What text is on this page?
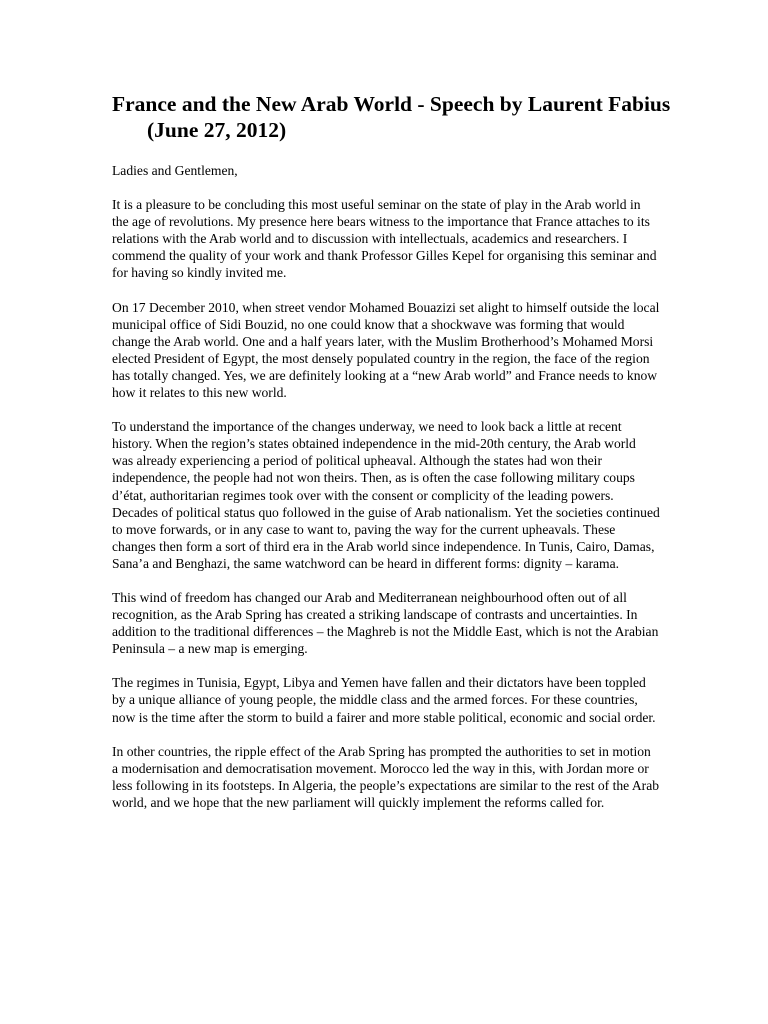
France and the New Arab World - Speech by Laurent Fabius (June 27, 2012)

Ladies and Gentlemen,

It is a pleasure to be concluding this most useful seminar on the state of play in the Arab world in the age of revolutions. My presence here bears witness to the importance that France attaches to its relations with the Arab world and to discussion with intellectuals, academics and researchers. I commend the quality of your work and thank Professor Gilles Kepel for organising this seminar and for having so kindly invited me.

On 17 December 2010, when street vendor Mohamed Bouazizi set alight to himself outside the local municipal office of Sidi Bouzid, no one could know that a shockwave was forming that would change the Arab world. One and a half years later, with the Muslim Brotherhood’s Mohamed Morsi elected President of Egypt, the most densely populated country in the region, the face of the region has totally changed. Yes, we are definitely looking at a “new Arab world” and France needs to know how it relates to this new world.

To understand the importance of the changes underway, we need to look back a little at recent history. When the region’s states obtained independence in the mid-20th century, the Arab world was already experiencing a period of political upheaval. Although the states had won their independence, the people had not won theirs. Then, as is often the case following military coups d’état, authoritarian regimes took over with the consent or complicity of the leading powers. Decades of political status quo followed in the guise of Arab nationalism. Yet the societies continued to move forwards, or in any case to want to, paving the way for the current upheavals. These changes then form a sort of third era in the Arab world since independence. In Tunis, Cairo, Damas, Sana’a and Benghazi, the same watchword can be heard in different forms: dignity – karama.

This wind of freedom has changed our Arab and Mediterranean neighbourhood often out of all recognition, as the Arab Spring has created a striking landscape of contrasts and uncertainties. In addition to the traditional differences – the Maghreb is not the Middle East, which is not the Arabian Peninsula – a new map is emerging.

The regimes in Tunisia, Egypt, Libya and Yemen have fallen and their dictators have been toppled by a unique alliance of young people, the middle class and the armed forces. For these countries, now is the time after the storm to build a fairer and more stable political, economic and social order.

In other countries, the ripple effect of the Arab Spring has prompted the authorities to set in motion a modernisation and democratisation movement. Morocco led the way in this, with Jordan more or less following in its footsteps. In Algeria, the people’s expectations are similar to the rest of the Arab world, and we hope that the new parliament will quickly implement the reforms called for.
